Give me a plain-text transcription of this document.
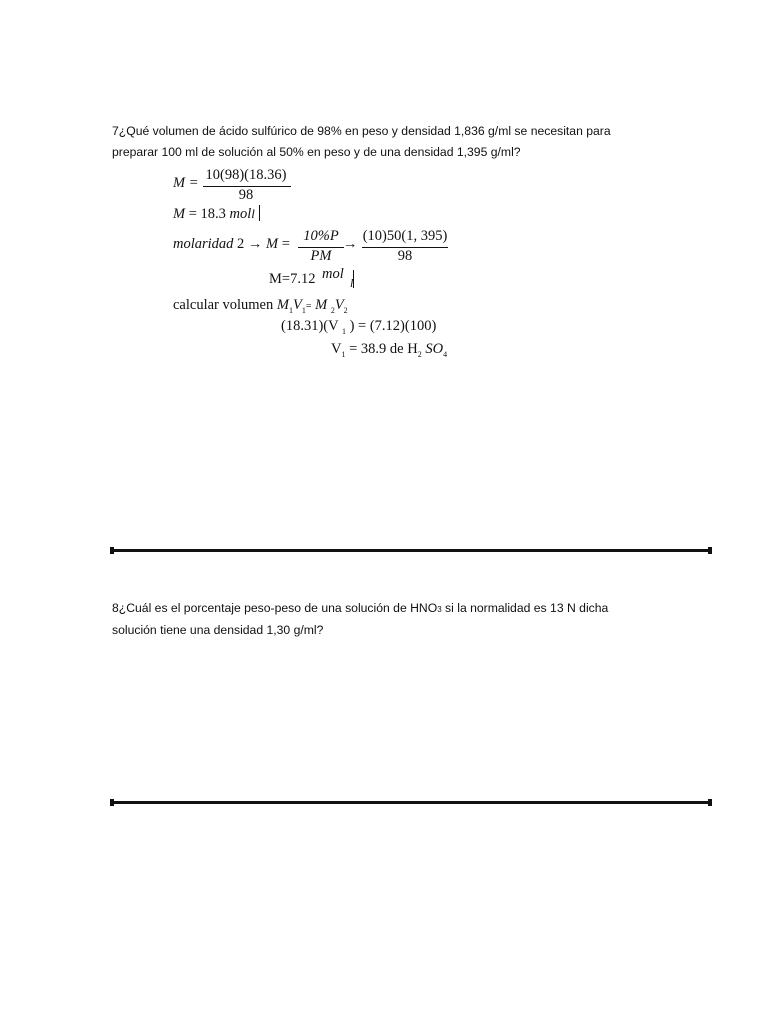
7¿Qué volumen de ácido sulfúrico de 98% en peso y densidad 1,836 g/ml se necesitan para
preparar 100 ml de solución al 50% en peso y de una densidad 1,395 g/ml?
M = 10(98)(18.36)
98
M = 18.3 moll
molaridad 2 → M = 10%P
PM
→ (10)50(1, 395)
98
M=7.12 mol
l
calcular volumen $M_1V_1= M$ $_2V_2$
(18.31)(V $_1$ ) = (7.12)(100)
$V_1 = 38.9$ de $H_2$ $SO_4$
8¿Cuál es el porcentaje peso-peso de una solución de HNO3 si la normalidad es 13 N dicha
solución tiene una densidad 1,30 g/ml?
